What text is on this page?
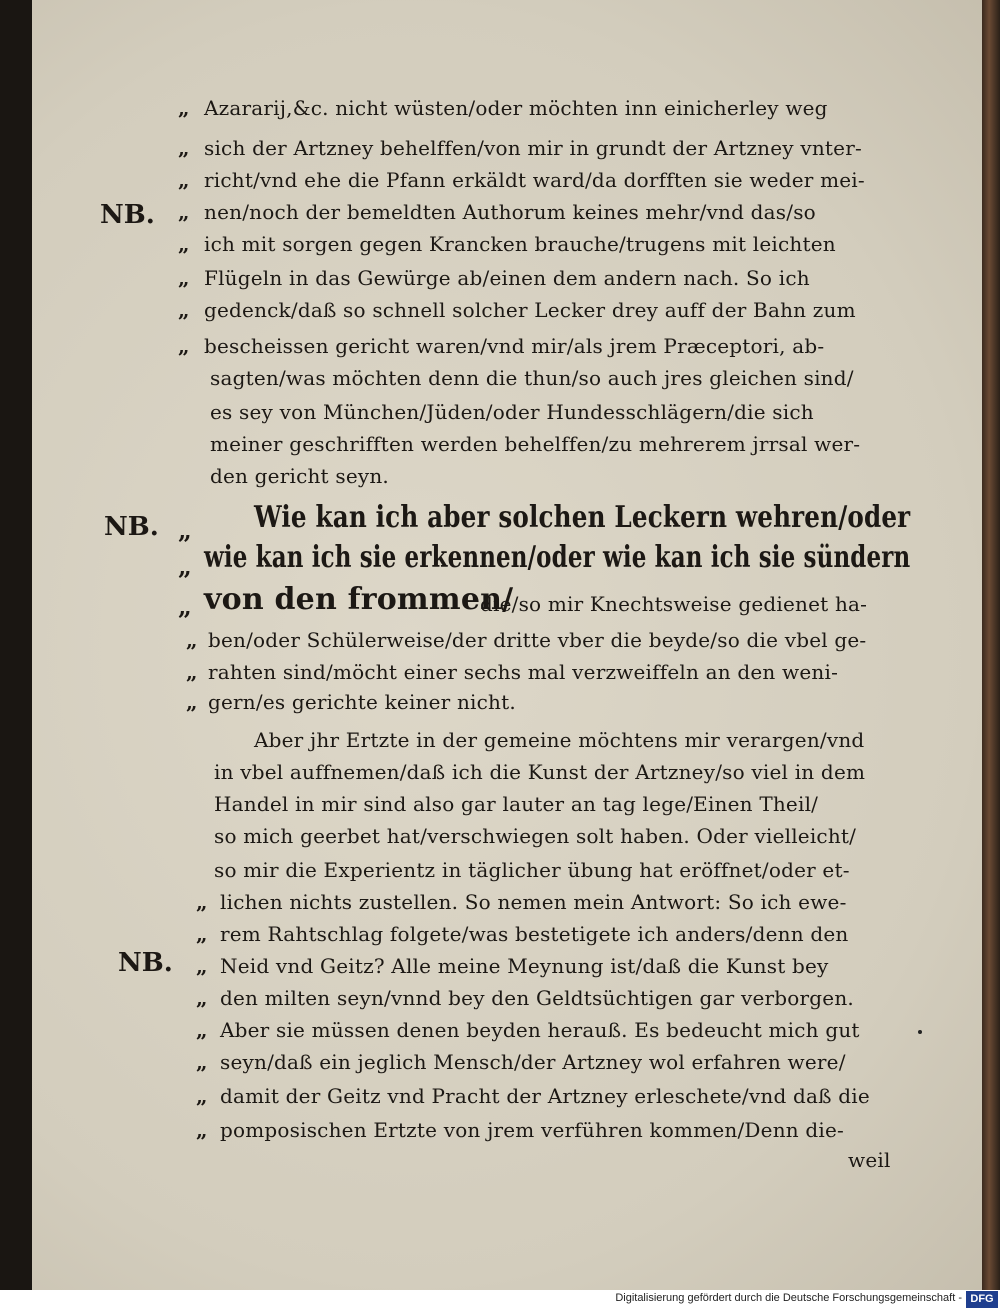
NB.
NB.
NB.
„ Azararij,&c. nicht wüsten/oder möchten inn einicherley weg
„ sich der Artzney behelffen/von mir in grundt der Artzney vnter-
„ richt/vnd ehe die Pfann erkäldt ward/da dorfften sie weder mei-
„ nen/noch der bemeldten Authorum keines mehr/vnd das/so
„ ich mit sorgen gegen Krancken brauche/trugens mit leichten
„ Flügeln in das Gewürge ab/einen dem andern nach. So ich
„ gedenck/daß so schnell solcher Lecker drey auff der Bahn zum
„ bescheissen gericht waren/vnd mir/als jrem Præceptori, ab-
sagten/was möchten denn die thun/so auch jres gleichen sind/
es sey von München/Jüden/oder Hundesschlägern/die sich
meiner geschrifften werden behelffen/zu mehrerem jrrsal wer-
den gericht seyn.
„ Wie kan ich aber solchen Leckern wehren/oder
„ wie kan ich sie erkennen/oder wie kan ich sie sündern
„ von den frommen/
die/so mir Knechtsweise gedienet ha-
„ ben/oder Schülerweise/der dritte vber die beyde/so die vbel ge-
„ rahten sind/möcht einer sechs mal verzweiffeln an den weni-
„ gern/es gerichte keiner nicht.
Aber jhr Ertzte in der gemeine möchtens mir verargen/vnd
in vbel auffnemen/daß ich die Kunst der Artzney/so viel in dem
Handel in mir sind also gar lauter an tag lege/Einen Theil/
so mich geerbet hat/verschwiegen solt haben. Oder vielleicht/
so mir die Experientz in täglicher übung hat eröffnet/oder et-
„ lichen nichts zustellen. So nemen mein Antwort: So ich ewe-
„ rem Rahtschlag folgete/was bestetigete ich anders/denn den
„ Neid vnd Geitz? Alle meine Meynung ist/daß die Kunst bey
„ den milten seyn/vnnd bey den Geldtsüchtigen gar verborgen.
„ Aber sie müssen denen beyden herauß. Es bedeucht mich gut
„ seyn/daß ein jeglich Mensch/der Artzney wol erfahren were/
„ damit der Geitz vnd Pracht der Artzney erleschete/vnd daß die
„ pomposischen Ertzte von jrem verführen kommen/Denn die-
weil
Digitalisierung gefördert durch die Deutsche Forschungsgemeinschaft - DFG
